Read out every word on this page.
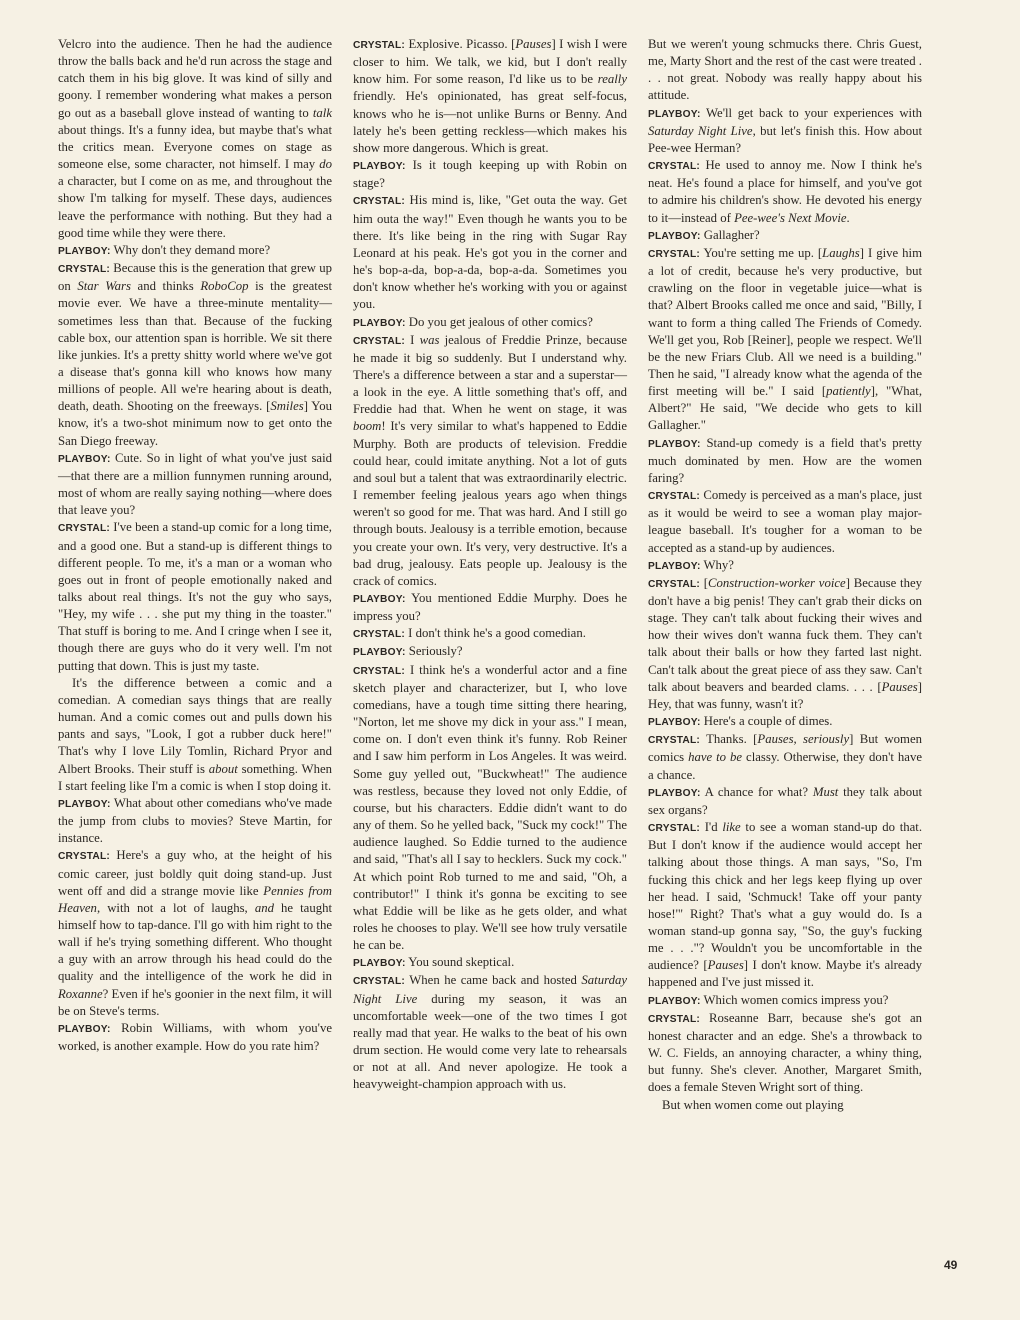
Velcro into the audience. Then he had the audience throw the balls back and he'd run across the stage and catch them in his big glove. It was kind of silly and goony. I remember wondering what makes a person go out as a baseball glove instead of wanting to talk about things. It's a funny idea, but maybe that's what the critics mean. Everyone comes on stage as someone else, some character, not himself. I may do a character, but I come on as me, and throughout the show I'm talking for myself. These days, audiences leave the performance with nothing. But they had a good time while they were there.

PLAYBOY: Why don't they demand more?

CRYSTAL: Because this is the generation that grew up on Star Wars and thinks RoboCop is the greatest movie ever. We have a three-minute mentality—sometimes less than that. Because of the fucking cable box, our attention span is horrible. We sit there like junkies. It's a pretty shitty world where we've got a disease that's gonna kill who knows how many millions of people. All we're hearing about is death, death, death. Shooting on the freeways. [Smiles] You know, it's a two-shot minimum now to get onto the San Diego freeway.

PLAYBOY: Cute. So in light of what you've just said—that there are a million funnymen running around, most of whom are really saying nothing—where does that leave you?

CRYSTAL: I've been a stand-up comic for a long time, and a good one. But a stand-up is different things to different people. To me, it's a man or a woman who goes out in front of people emotionally naked and talks about real things. It's not the guy who says, "Hey, my wife . . . she put my thing in the toaster." That stuff is boring to me. And I cringe when I see it, though there are guys who do it very well. I'm not putting that down. This is just my taste.

It's the difference between a comic and a comedian. A comedian says things that are really human. And a comic comes out and pulls down his pants and says, "Look, I got a rubber duck here!" That's why I love Lily Tomlin, Richard Pryor and Albert Brooks. Their stuff is about something. When I start feeling like I'm a comic is when I stop doing it.

PLAYBOY: What about other comedians who've made the jump from clubs to movies? Steve Martin, for instance.

CRYSTAL: Here's a guy who, at the height of his comic career, just boldly quit doing stand-up. Just went off and did a strange movie like Pennies from Heaven, with not a lot of laughs, and he taught himself how to tap-dance. I'll go with him right to the wall if he's trying something different. Who thought a guy with an arrow through his head could do the quality and the intelligence of the work he did in Roxanne? Even if he's goonier in the next film, it will be on Steve's terms.

PLAYBOY: Robin Williams, with whom you've worked, is another example. How do you rate him?

CRYSTAL: Explosive. Picasso. [Pauses] I wish I were closer to him. We talk, we kid, but I don't really know him. For some reason, I'd like us to be really friendly. He's opinionated, has great self-focus, knows who he is—not unlike Burns or Benny. And lately he's been getting reckless—which makes his show more dangerous. Which is great.

PLAYBOY: Is it tough keeping up with Robin on stage?

CRYSTAL: His mind is, like, "Get outa the way. Get him outa the way!" Even though he wants you to be there. It's like being in the ring with Sugar Ray Leonard at his peak. He's got you in the corner and he's bop-a-da, bop-a-da, bop-a-da. Sometimes you don't know whether he's working with you or against you.

PLAYBOY: Do you get jealous of other comics?

CRYSTAL: I was jealous of Freddie Prinze, because he made it big so suddenly. But I understand why. There's a difference between a star and a superstar—a look in the eye. A little something that's off, and Freddie had that. When he went on stage, it was boom! It's very similar to what's happened to Eddie Murphy. Both are products of television. Freddie could hear, could imitate anything. Not a lot of guts and soul but a talent that was extraordinarily electric. I remember feeling jealous years ago when things weren't so good for me. That was hard. And I still go through bouts. Jealousy is a terrible emotion, because you create your own. It's very, very destructive. It's a bad drug, jealousy. Eats people up. Jealousy is the crack of comics.

PLAYBOY: You mentioned Eddie Murphy. Does he impress you?

CRYSTAL: I don't think he's a good comedian.

PLAYBOY: Seriously?

CRYSTAL: I think he's a wonderful actor and a fine sketch player and characterizer, but I, who love comedians, have a tough time sitting there hearing, "Norton, let me shove my dick in your ass." I mean, come on. I don't even think it's funny. Rob Reiner and I saw him perform in Los Angeles. It was weird. Some guy yelled out, "Buckwheat!" The audience was restless, because they loved not only Eddie, of course, but his characters. Eddie didn't want to do any of them. So he yelled back, "Suck my cock!" The audience laughed. So Eddie turned to the audience and said, "That's all I say to hecklers. Suck my cock." At which point Rob turned to me and said, "Oh, a contributor!" I think it's gonna be exciting to see what Eddie will be like as he gets older, and what roles he chooses to play. We'll see how truly versatile he can be.

PLAYBOY: You sound skeptical.

CRYSTAL: When he came back and hosted Saturday Night Live during my season, it was an uncomfortable week—one of the two times I got really mad that year. He walks to the beat of his own drum section. He would come very late to rehearsals or not at all. And never apologize. He took a heavyweight-champion approach with us.

But we weren't young schmucks there. Chris Guest, me, Marty Short and the rest of the cast were treated . . . not great. Nobody was really happy about his attitude.

PLAYBOY: We'll get back to your experiences with Saturday Night Live, but let's finish this. How about Pee-wee Herman?

CRYSTAL: He used to annoy me. Now I think he's neat. He's found a place for himself, and you've got to admire his children's show. He devoted his energy to it—instead of Pee-wee's Next Movie.

PLAYBOY: Gallagher?

CRYSTAL: You're setting me up. [Laughs] I give him a lot of credit, because he's very productive, but crawling on the floor in vegetable juice—what is that? Albert Brooks called me once and said, "Billy, I want to form a thing called The Friends of Comedy. We'll get you, Rob [Reiner], people we respect. We'll be the new Friars Club. All we need is a building." Then he said, "I already know what the agenda of the first meeting will be." I said [patiently], "What, Albert?" He said, "We decide who gets to kill Gallagher."

PLAYBOY: Stand-up comedy is a field that's pretty much dominated by men. How are the women faring?

CRYSTAL: Comedy is perceived as a man's place, just as it would be weird to see a woman play major-league baseball. It's tougher for a woman to be accepted as a stand-up by audiences.

PLAYBOY: Why?

CRYSTAL: [Construction-worker voice] Because they don't have a big penis! They can't grab their dicks on stage. They can't talk about fucking their wives and how their wives don't wanna fuck them. They can't talk about their balls or how they farted last night. Can't talk about the great piece of ass they saw. Can't talk about beavers and bearded clams. . . . [Pauses] Hey, that was funny, wasn't it?

PLAYBOY: Here's a couple of dimes.

CRYSTAL: Thanks. [Pauses, seriously] But women comics have to be classy. Otherwise, they don't have a chance.

PLAYBOY: A chance for what? Must they talk about sex organs?

CRYSTAL: I'd like to see a woman stand-up do that. But I don't know if the audience would accept her talking about those things. A man says, "So, I'm fucking this chick and her legs keep flying up over her head. I said, 'Schmuck! Take off your panty hose!'" Right? That's what a guy would do. Is a woman stand-up gonna say, "So, the guy's fucking me . . ."? Wouldn't you be uncomfortable in the audience? [Pauses] I don't know. Maybe it's already happened and I've just missed it.

PLAYBOY: Which women comics impress you?

CRYSTAL: Roseanne Barr, because she's got an honest character and an edge. She's a throwback to W. C. Fields, an annoying character, a whiny thing, but funny. She's clever. Another, Margaret Smith, does a female Steven Wright sort of thing.

But when women come out playing

49
